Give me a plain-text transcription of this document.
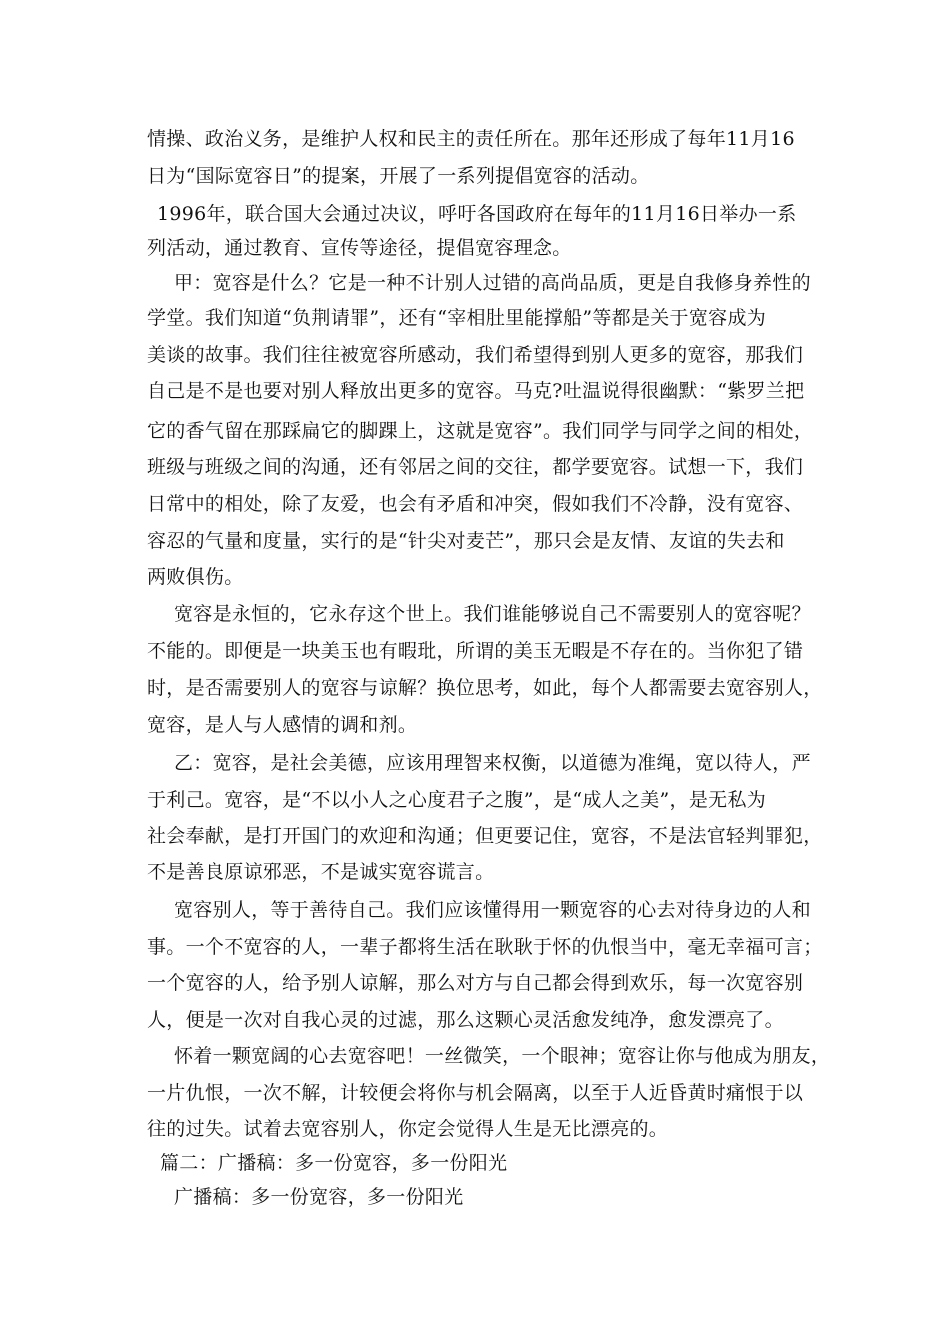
情操、政治义务，是维护人权和民主的责任所在。那年还形成了每年11月16
日为“国际宽容日”的提案，开展了一系列提倡宽容的活动。
1996年，联合国大会通过决议，呼吁各国政府在每年的11月16日举办一系
列活动，通过教育、宣传等途径，提倡宽容理念。
甲：宽容是什么？它是一种不计别人过错的高尚品质，更是自我修身养性的
学堂。我们知道“负荆请罪”，还有“宰相肚里能撑船”等都是关于宽容成为
美谈的故事。我们往往被宽容所感动，我们希望得到别人更多的宽容，那我们
自己是不是也要对别人释放出更多的宽容。马克?吐温说得很幽默：“紫罗兰把
它的香气留在那踩扁它的脚踝上，这就是宽容”。我们同学与同学之间的相处，
班级与班级之间的沟通，还有邻居之间的交往，都学要宽容。试想一下，我们
日常中的相处，除了友爱，也会有矛盾和冲突，假如我们不冷静，没有宽容、
容忍的气量和度量，实行的是“针尖对麦芒”，那只会是友情、友谊的失去和
两败俱伤。
宽容是永恒的，它永存这个世上。我们谁能够说自己不需要别人的宽容呢？
不能的。即便是一块美玉也有暇玭，所谓的美玉无暇是不存在的。当你犯了错
时，是否需要别人的宽容与谅解？换位思考，如此，每个人都需要去宽容别人，
宽容，是人与人感情的调和剂。
乙：宽容，是社会美德，应该用理智来权衡，以道德为准绳，宽以待人，严
于利己。宽容，是“不以小人之心度君子之腹”，是“成人之美”，是无私为
社会奉献，是打开国门的欢迎和沟通；但更要记住，宽容，不是法官轻判罪犯，
不是善良原谅邪恶，不是诚实宽容谎言。
宽容别人，等于善待自己。我们应该懂得用一颗宽容的心去对待身边的人和
事。一个不宽容的人，一辈子都将生活在耿耿于怀的仇恨当中，毫无幸福可言；
一个宽容的人，给予别人谅解，那么对方与自己都会得到欢乐，每一次宽容别
人，便是一次对自我心灵的过滤，那么这颗心灵活愈发纯净，愈发漂亮了。
怀着一颗宽阔的心去宽容吧！一丝微笑，一个眼神；宽容让你与他成为朋友，
一片仇恨，一次不解，计较便会将你与机会隔离，以至于人近昏黄时痛恨于以
往的过失。试着去宽容别人，你定会觉得人生是无比漂亮的。
篇二：广播稿：多一份宽容，多一份阳光
广播稿：多一份宽容，多一份阳光
